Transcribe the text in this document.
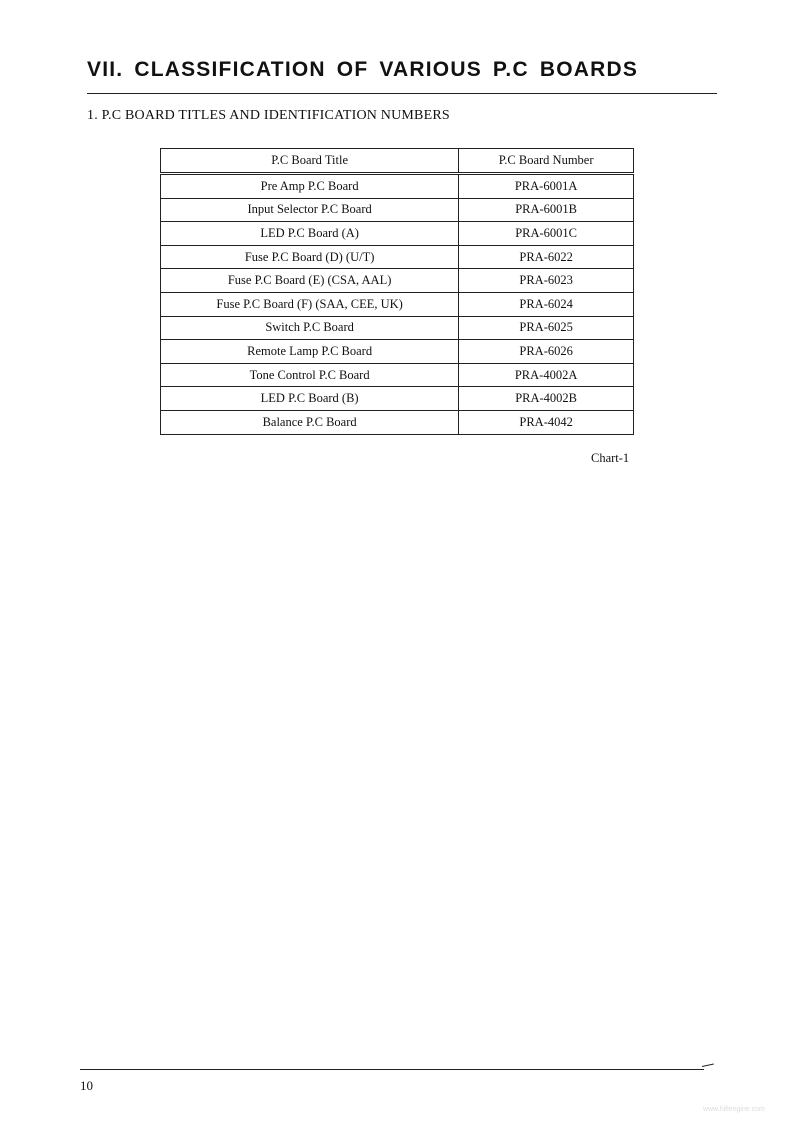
VII. CLASSIFICATION OF VARIOUS P.C BOARDS
1. P.C BOARD TITLES AND IDENTIFICATION NUMBERS
P.C Board Title	P.C Board Number
Pre Amp P.C Board	PRA-6001A
Input Selector P.C Board	PRA-6001B
LED P.C Board (A)	PRA-6001C
Fuse P.C Board (D) (U/T)	PRA-6022
Fuse P.C Board (E) (CSA, AAL)	PRA-6023
Fuse P.C Board (F) (SAA, CEE, UK)	PRA-6024
Switch P.C Board	PRA-6025
Remote Lamp P.C Board	PRA-6026
Tone Control P.C Board	PRA-4002A
LED P.C Board (B)	PRA-4002B
Balance P.C Board	PRA-4042
Chart-1
10
www.hifiengine.com
